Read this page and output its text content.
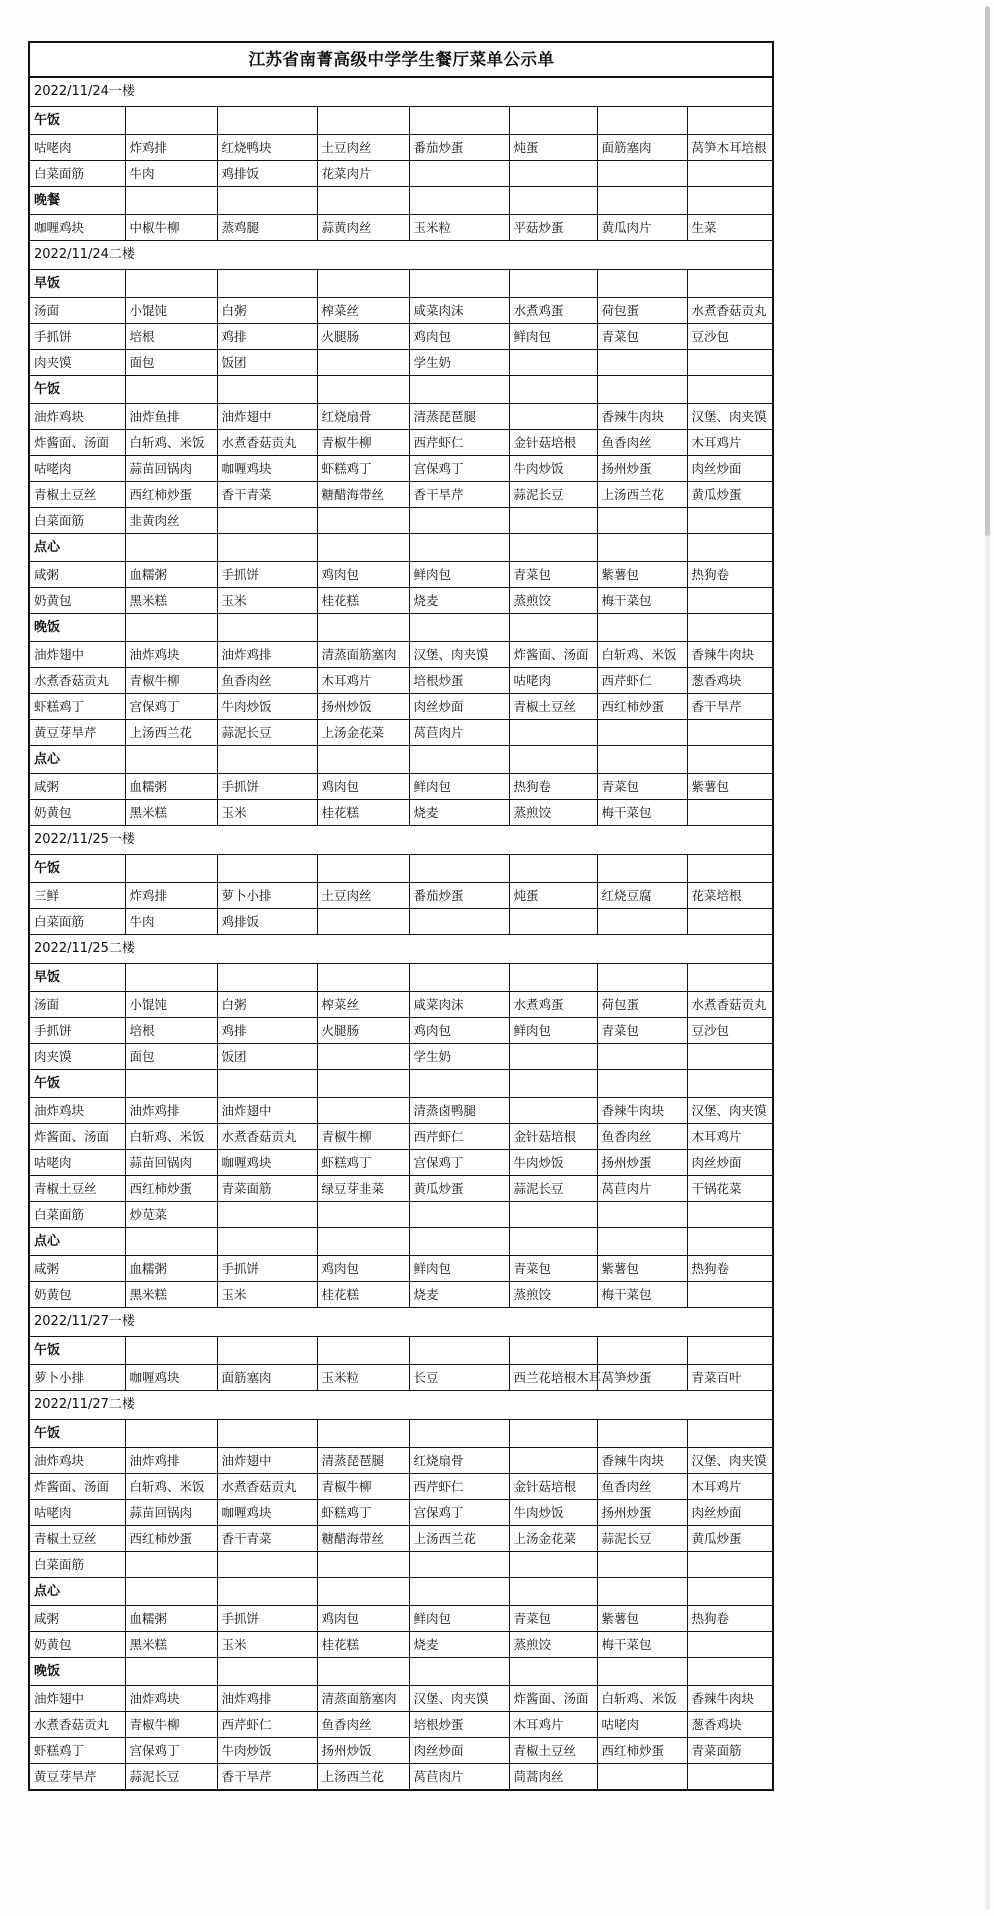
江苏省南菁高级中学学生餐厅菜单公示单							
2022/11/24一楼							
午饭							
咕咾肉	炸鸡排	红烧鸭块	土豆肉丝	番茄炒蛋	炖蛋	面筋塞肉	莴笋木耳培根
白菜面筋	牛肉	鸡排饭	花菜肉片				
晚餐							
咖喱鸡块	中椒牛柳	蒸鸡腿	蒜黄肉丝	玉米粒	平菇炒蛋	黄瓜肉片	生菜
2022/11/24二楼							
早饭							
汤面	小馄饨	白粥	榨菜丝	咸菜肉沫	水煮鸡蛋	荷包蛋	水煮香菇贡丸
手抓饼	培根	鸡排	火腿肠	鸡肉包	鲜肉包	青菜包	豆沙包
肉夹馍	面包	饭团		学生奶			
午饭							
油炸鸡块	油炸鱼排	油炸翅中	红烧扇骨	清蒸琵琶腿		香辣牛肉块	汉堡、肉夹馍
炸酱面、汤面	白斩鸡、米饭	水煮香菇贡丸	青椒牛柳	西芹虾仁	金针菇培根	鱼香肉丝	木耳鸡片
咕咾肉	蒜苗回锅肉	咖喱鸡块	虾糕鸡丁	宫保鸡丁	牛肉炒饭	扬州炒蛋	肉丝炒面
青椒土豆丝	西红柿炒蛋	香干青菜	糖醋海带丝	香干旱芹	蒜泥长豆	上汤西兰花	黄瓜炒蛋
白菜面筋	韭黄肉丝						
点心							
咸粥	血糯粥	手抓饼	鸡肉包	鲜肉包	青菜包	紫薯包	热狗卷
奶黄包	黑米糕	玉米	桂花糕	烧麦	蒸煎饺	梅干菜包	
晚饭							
油炸翅中	油炸鸡块	油炸鸡排	清蒸面筋塞肉	汉堡、肉夹馍	炸酱面、汤面	白斩鸡、米饭	香辣牛肉块
水煮香菇贡丸	青椒牛柳	鱼香肉丝	木耳鸡片	培根炒蛋	咕咾肉	西芹虾仁	葱香鸡块
虾糕鸡丁	宫保鸡丁	牛肉炒饭	扬州炒饭	肉丝炒面	青椒土豆丝	西红柿炒蛋	香干旱芹
黄豆芽旱芹	上汤西兰花	蒜泥长豆	上汤金花菜	莴苣肉片			
点心							
咸粥	血糯粥	手抓饼	鸡肉包	鲜肉包	热狗卷	青菜包	紫薯包
奶黄包	黑米糕	玉米	桂花糕	烧麦	蒸煎饺	梅干菜包	
2022/11/25一楼							
午饭							
三鲜	炸鸡排	萝卜小排	土豆肉丝	番茄炒蛋	炖蛋	红烧豆腐	花菜培根
白菜面筋	牛肉	鸡排饭					
2022/11/25二楼							
早饭							
汤面	小馄饨	白粥	榨菜丝	咸菜肉沫	水煮鸡蛋	荷包蛋	水煮香菇贡丸
手抓饼	培根	鸡排	火腿肠	鸡肉包	鲜肉包	青菜包	豆沙包
肉夹馍	面包	饭团		学生奶			
午饭							
油炸鸡块	油炸鸡排	油炸翅中		清蒸卤鸭腿		香辣牛肉块	汉堡、肉夹馍
炸酱面、汤面	白斩鸡、米饭	水煮香菇贡丸	青椒牛柳	西芹虾仁	金针菇培根	鱼香肉丝	木耳鸡片
咕咾肉	蒜苗回锅肉	咖喱鸡块	虾糕鸡丁	宫保鸡丁	牛肉炒饭	扬州炒蛋	肉丝炒面
青椒土豆丝	西红柿炒蛋	青菜面筋	绿豆芽韭菜	黄瓜炒蛋	蒜泥长豆	莴苣肉片	干锅花菜
白菜面筋	炒苋菜						
点心							
咸粥	血糯粥	手抓饼	鸡肉包	鲜肉包	青菜包	紫薯包	热狗卷
奶黄包	黑米糕	玉米	桂花糕	烧麦	蒸煎饺	梅干菜包	
2022/11/27一楼							
午饭							
萝卜小排	咖喱鸡块	面筋塞肉	玉米粒	长豆	西兰花培根木耳	莴笋炒蛋	青菜百叶
2022/11/27二楼							
午饭							
油炸鸡块	油炸鸡排	油炸翅中	清蒸琵琶腿	红烧扇骨		香辣牛肉块	汉堡、肉夹馍
炸酱面、汤面	白斩鸡、米饭	水煮香菇贡丸	青椒牛柳	西芹虾仁	金针菇培根	鱼香肉丝	木耳鸡片
咕咾肉	蒜苗回锅肉	咖喱鸡块	虾糕鸡丁	宫保鸡丁	牛肉炒饭	扬州炒蛋	肉丝炒面
青椒土豆丝	西红柿炒蛋	香干青菜	糖醋海带丝	上汤西兰花	上汤金花菜	蒜泥长豆	黄瓜炒蛋
白菜面筋							
点心							
咸粥	血糯粥	手抓饼	鸡肉包	鲜肉包	青菜包	紫薯包	热狗卷
奶黄包	黑米糕	玉米	桂花糕	烧麦	蒸煎饺	梅干菜包	
晚饭							
油炸翅中	油炸鸡块	油炸鸡排	清蒸面筋塞肉	汉堡、肉夹馍	炸酱面、汤面	白斩鸡、米饭	香辣牛肉块
水煮香菇贡丸	青椒牛柳	西芹虾仁	鱼香肉丝	培根炒蛋	木耳鸡片	咕咾肉	葱香鸡块
虾糕鸡丁	宫保鸡丁	牛肉炒饭	扬州炒饭	肉丝炒面	青椒土豆丝	西红柿炒蛋	青菜面筋
黄豆芽旱芹	蒜泥长豆	香干旱芹	上汤西兰花	莴苣肉片	茼蒿肉丝		
